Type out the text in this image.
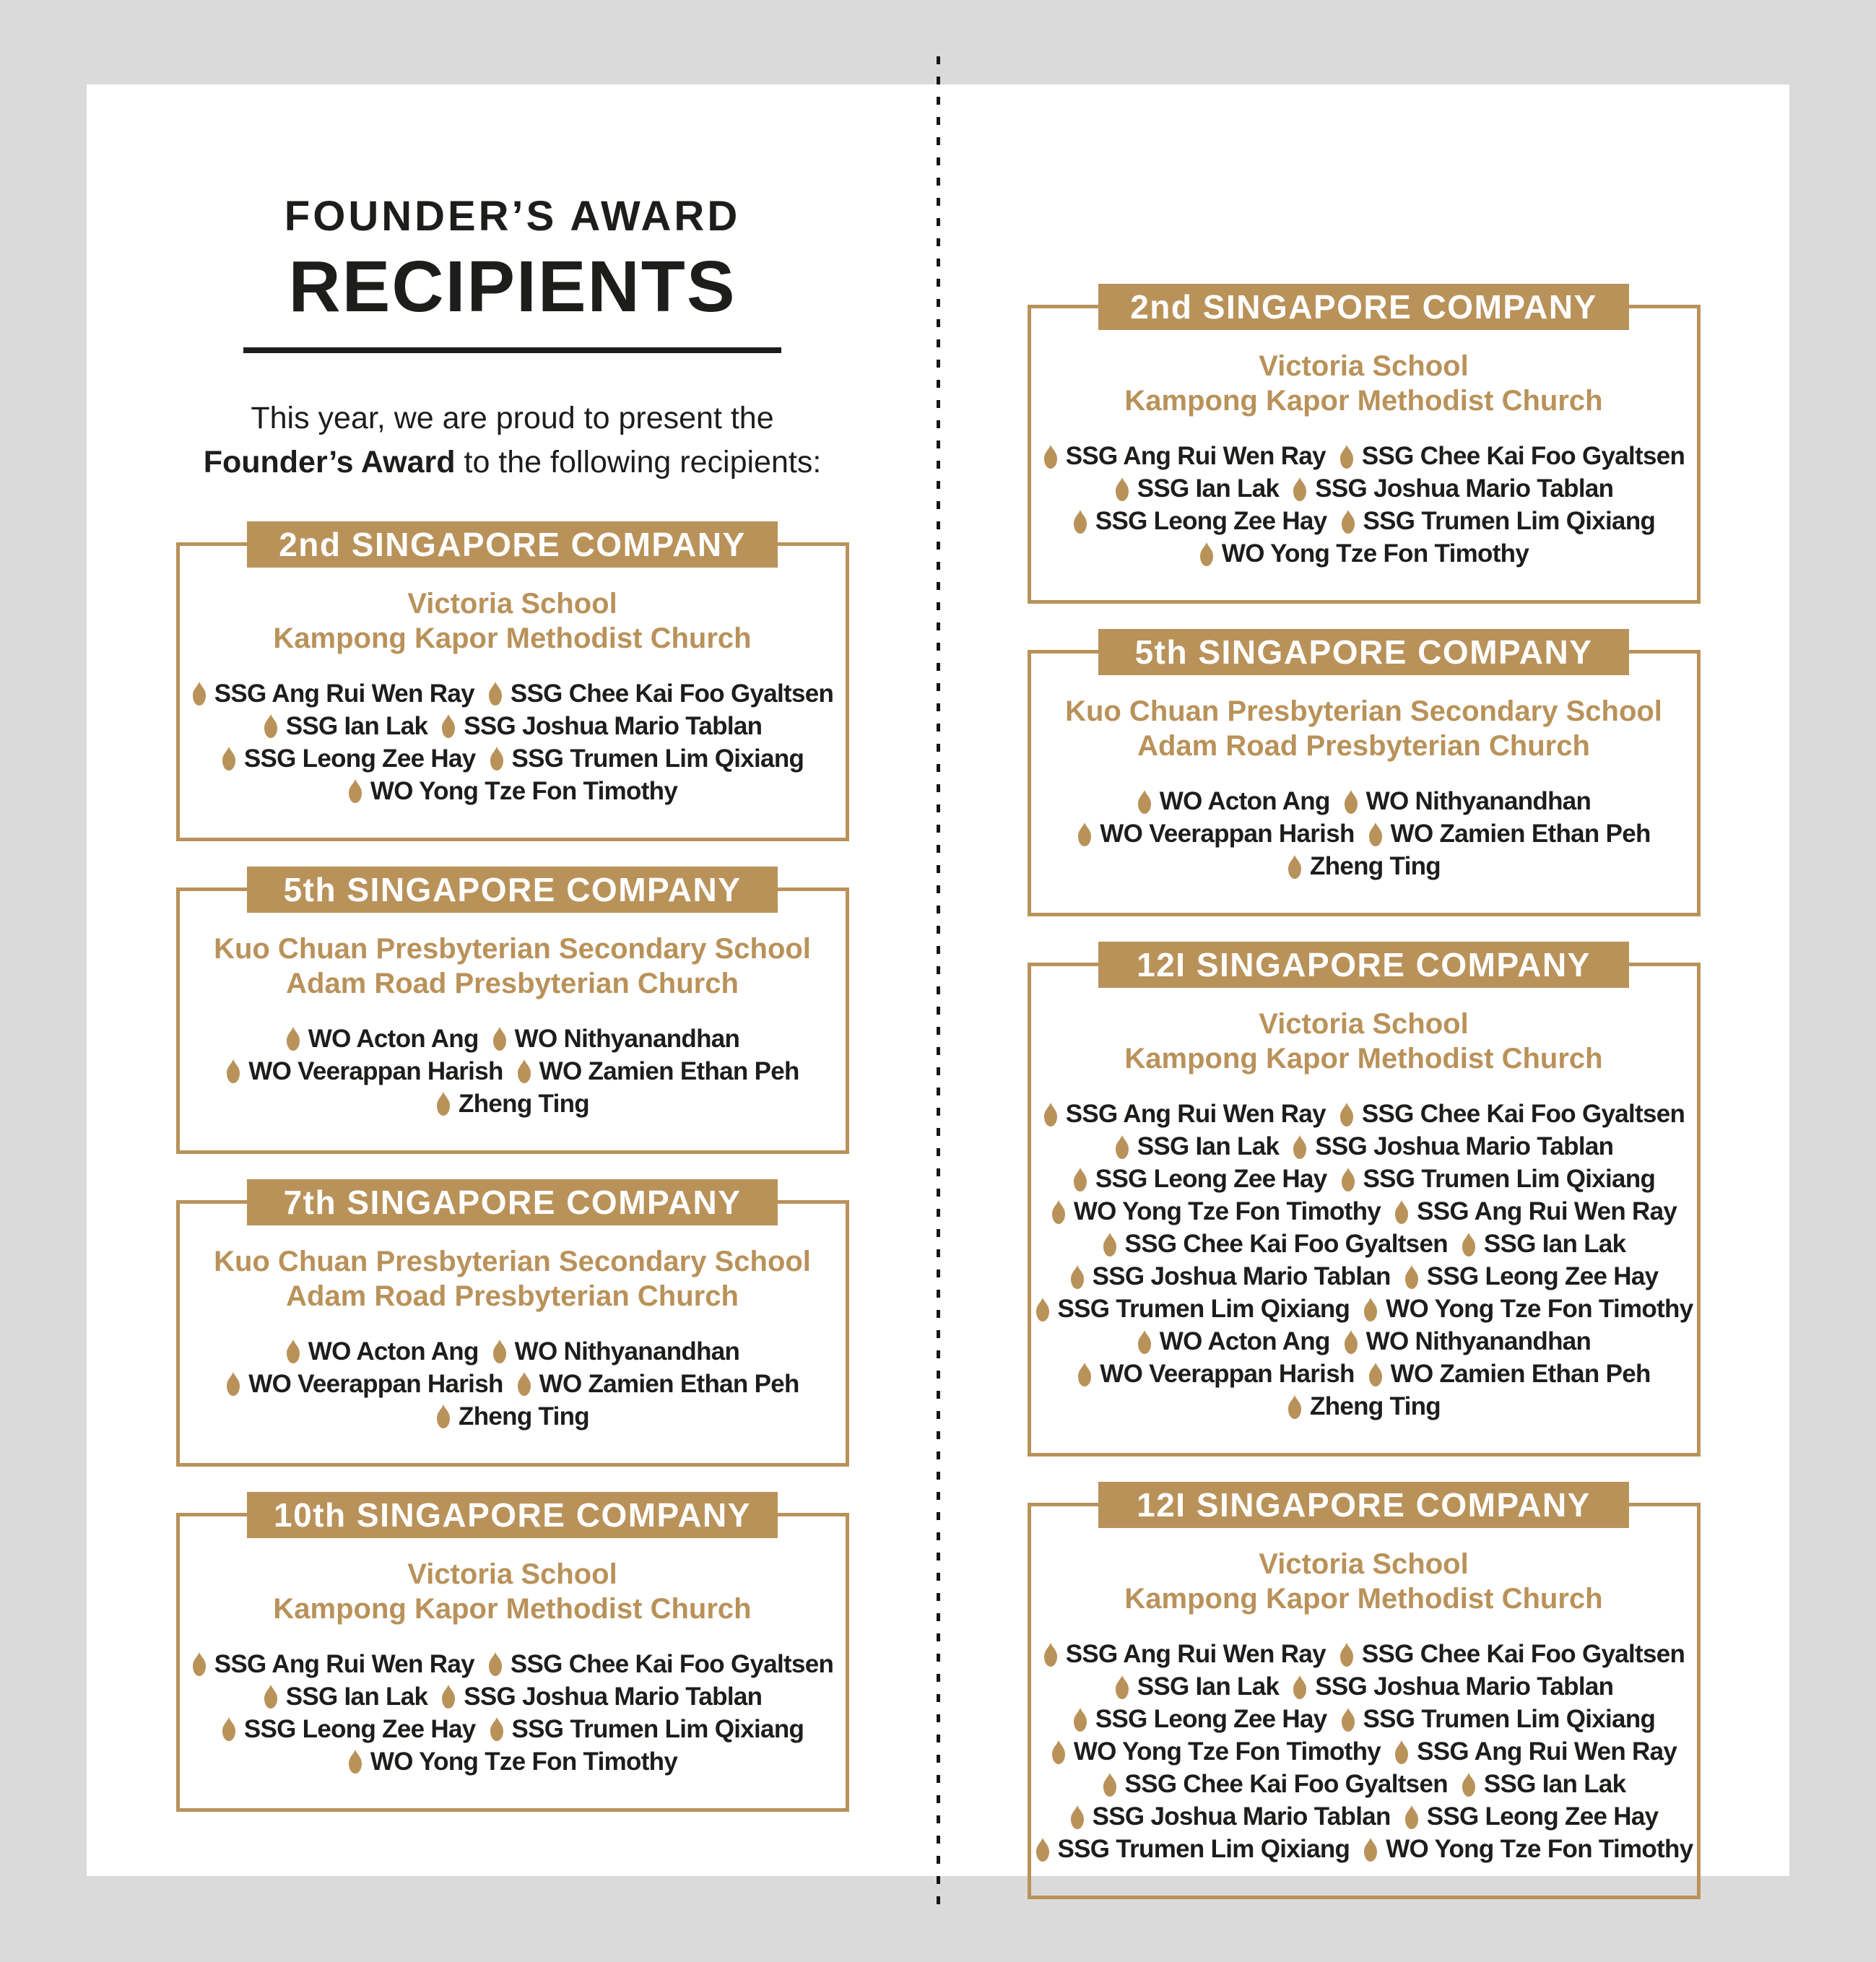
FOUNDER’S AWARD
RECIPIENTS

This year, we are proud to present the
Founder’s Award to the following recipients:

2nd SINGAPORE COMPANY
Victoria School
Kampong Kapor Methodist Church
SSG Ang Rui Wen Ray SSG Chee Kai Foo Gyaltsen
SSG Ian Lak SSG Joshua Mario Tablan
SSG Leong Zee Hay SSG Trumen Lim Qixiang
WO Yong Tze Fon Timothy
5th SINGAPORE COMPANY
Kuo Chuan Presbyterian Secondary School
Adam Road Presbyterian Church
WO Acton Ang WO Nithyanandhan
WO Veerappan Harish WO Zamien Ethan Peh
Zheng Ting
7th SINGAPORE COMPANY
Kuo Chuan Presbyterian Secondary School
Adam Road Presbyterian Church
WO Acton Ang WO Nithyanandhan
WO Veerappan Harish WO Zamien Ethan Peh
Zheng Ting
10th SINGAPORE COMPANY
Victoria School
Kampong Kapor Methodist Church
SSG Ang Rui Wen Ray SSG Chee Kai Foo Gyaltsen
SSG Ian Lak SSG Joshua Mario Tablan
SSG Leong Zee Hay SSG Trumen Lim Qixiang
WO Yong Tze Fon Timothy
2nd SINGAPORE COMPANY
Victoria School
Kampong Kapor Methodist Church
SSG Ang Rui Wen Ray SSG Chee Kai Foo Gyaltsen
SSG Ian Lak SSG Joshua Mario Tablan
SSG Leong Zee Hay SSG Trumen Lim Qixiang
WO Yong Tze Fon Timothy
5th SINGAPORE COMPANY
Kuo Chuan Presbyterian Secondary School
Adam Road Presbyterian Church
WO Acton Ang WO Nithyanandhan
WO Veerappan Harish WO Zamien Ethan Peh
Zheng Ting
12I SINGAPORE COMPANY
Victoria School
Kampong Kapor Methodist Church
SSG Ang Rui Wen Ray SSG Chee Kai Foo Gyaltsen
SSG Ian Lak SSG Joshua Mario Tablan
SSG Leong Zee Hay SSG Trumen Lim Qixiang
WO Yong Tze Fon Timothy SSG Ang Rui Wen Ray
SSG Chee Kai Foo Gyaltsen SSG Ian Lak
SSG Joshua Mario Tablan SSG Leong Zee Hay
SSG Trumen Lim Qixiang WO Yong Tze Fon Timothy
WO Acton Ang WO Nithyanandhan
WO Veerappan Harish WO Zamien Ethan Peh
Zheng Ting
12I SINGAPORE COMPANY
Victoria School
Kampong Kapor Methodist Church
SSG Ang Rui Wen Ray SSG Chee Kai Foo Gyaltsen
SSG Ian Lak SSG Joshua Mario Tablan
SSG Leong Zee Hay SSG Trumen Lim Qixiang
WO Yong Tze Fon Timothy SSG Ang Rui Wen Ray
SSG Chee Kai Foo Gyaltsen SSG Ian Lak
SSG Joshua Mario Tablan SSG Leong Zee Hay
SSG Trumen Lim Qixiang WO Yong Tze Fon Timothy
